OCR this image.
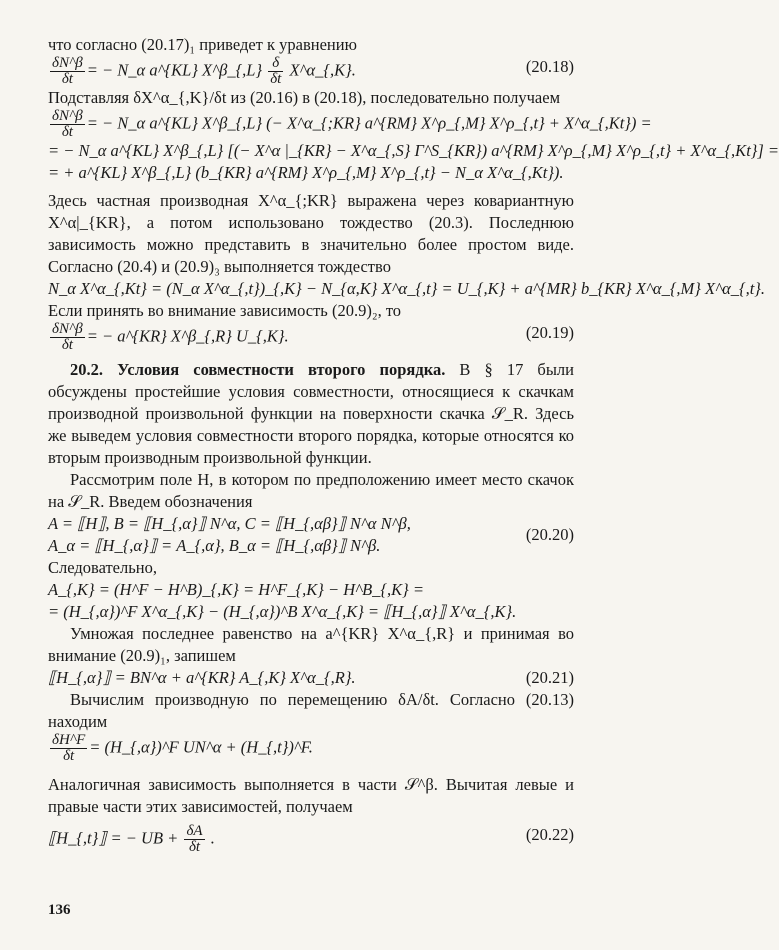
что согласно (20.17)₁ приведет к уравнению
$\frac{\delta N\^{}\beta}{\delta t}$ = − N_α a^{KL} X^β_{,L} $\frac{\delta}{\delta t}$ X^α_{,K}.	(20.18)
Подставляя δX^α_{,K}/δt из (20.16) в (20.18), последовательно получаем
$\frac{\delta N\^{}\beta}{\delta t}$ = − N_α a^{KL} X^β_{,L} (− X^α_{;KR} a^{RM} X^ρ_{,M} X^ρ_{,t} + X^α_{,Kt}) =
= − N_α a^{KL} X^β_{,L} [(− X^α |_{KR} − X^α_{,S} Γ^S_{KR}) a^{RM} X^ρ_{,M} X^ρ_{,t} + X^α_{,Kt}] =
= + a^{KL} X^β_{,L} (b_{KR} a^{RM} X^ρ_{,M} X^ρ_{,t} − N_α X^α_{,Kt}).
Здесь частная производная X^α_{;KR} выражена через ковариантную X^α|_{KR}, а потом использовано тождество (20.3). Последнюю зависимость можно представить в значительно более простом виде. Согласно (20.4) и (20.9)₃ выполняется тождество
N_α X^α_{,Kt} = (N_α X^α_{,t})_{,K} − N_{α,K} X^α_{,t} = U_{,K} + a^{MR} b_{KR} X^α_{,M} X^α_{,t}.
Если принять во внимание зависимость (20.9)₂, то
$\frac{\delta N\^{}\beta}{\delta t}$ = − a^{KR} X^β_{,R} U_{,K}.	(20.19)
20.2. Условия совместности второго порядка. В § 17 были обсуждены простейшие условия совместности, относящиеся к скачкам производной произвольной функции на поверхности скачка 𝒮_R. Здесь же выведем условия совместности второго порядка, которые относятся ко вторым производным произвольной функции.
Рассмотрим поле H, в котором по предположению имеет место скачок на 𝒮_R. Введем обозначения
A = ⟦H⟧, B = ⟦H_{,α}⟧ N^α, C = ⟦H_{,αβ}⟧ N^α N^β,
(20.20)
A_α = ⟦H_{,α}⟧ = A_{,α}, B_α = ⟦H_{,αβ}⟧ N^β.
Следовательно,
A_{,K} = (H^F − H^B)_{,K} = H^F_{,K} − H^B_{,K} =
= (H_{,α})^F X^α_{,K} − (H_{,α})^B X^α_{,K} = ⟦H_{,α}⟧ X^α_{,K}.
Умножая последнее равенство на a^{KR} X^α_{,R} и принимая во внимание (20.9)₁, запишем
⟦H_{,α}⟧ = BN^α + a^{KR} A_{,K} X^α_{,R}.	(20.21)
Вычислим производную по перемещению δA/δt. Согласно (20.13) находим
$\frac{\delta H\^{}F}{\delta t}$ = (H_{,α})^F UN^α + (H_{,t})^F.
Аналогичная зависимость выполняется в части 𝒮^β. Вычитая левые и правые части этих зависимостей, получаем
⟦H_{,t}⟧ = − UB + $\frac{\delta A}{\delta t}$ .	(20.22)
136
